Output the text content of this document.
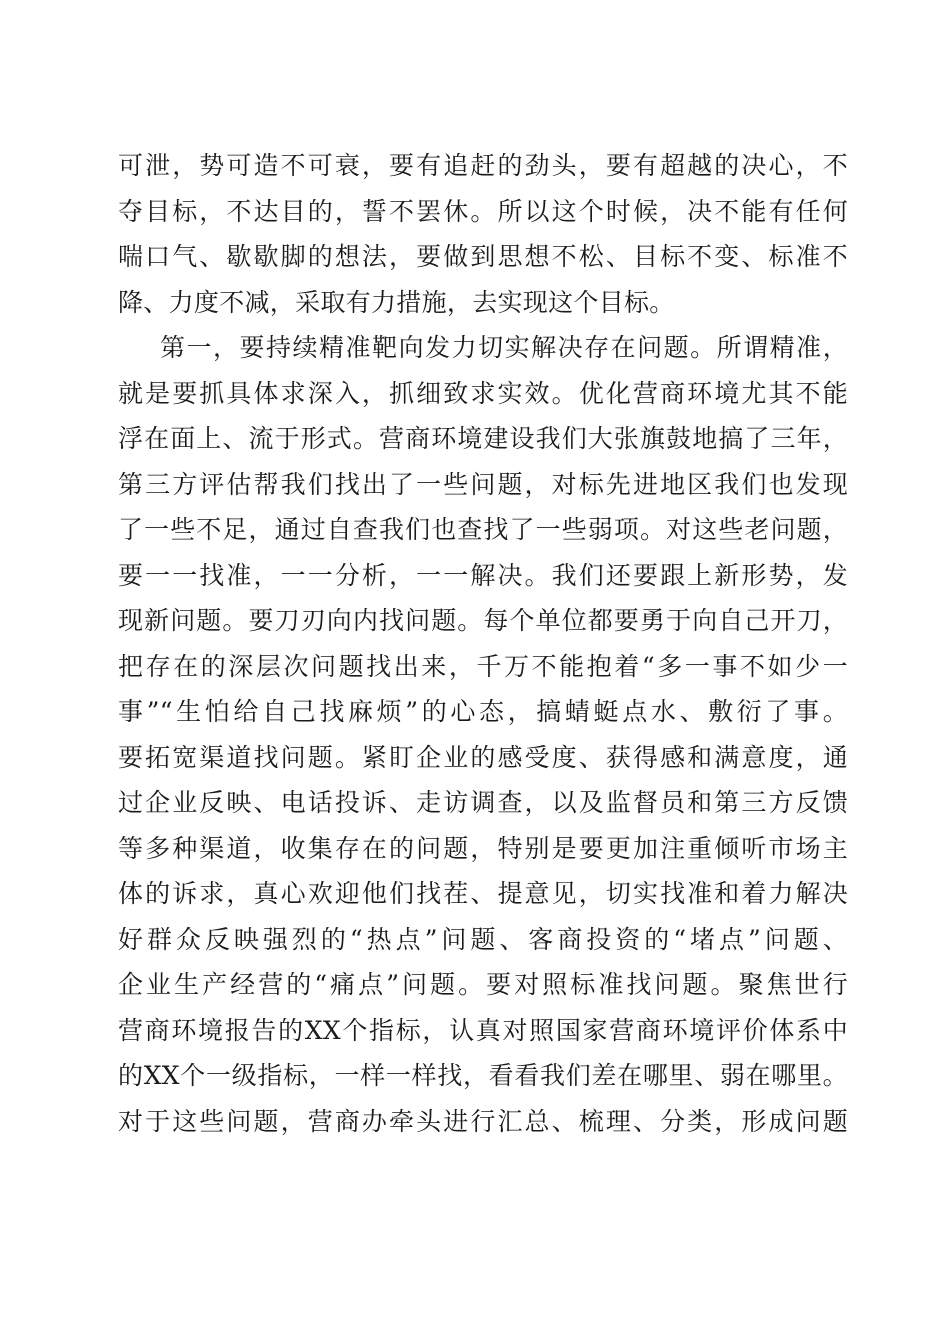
可泄，势可造不可衰，要有追赶的劲头，要有超越的决心，不
夺目标，不达目的，誓不罢休。所以这个时候，决不能有任何
喘口气、歇歇脚的想法，要做到思想不松、目标不变、标准不
降、力度不减，采取有力措施，去实现这个目标。
第一，要持续精准靶向发力切实解决存在问题。所谓精准，
就是要抓具体求深入，抓细致求实效。优化营商环境尤其不能
浮在面上、流于形式。营商环境建设我们大张旗鼓地搞了三年，
第三方评估帮我们找出了一些问题，对标先进地区我们也发现
了一些不足，通过自查我们也查找了一些弱项。对这些老问题，
要一一找准，一一分析，一一解决。我们还要跟上新形势，发
现新问题。要刀刃向内找问题。每个单位都要勇于向自己开刀，
把存在的深层次问题找出来，千万不能抱着“多一事不如少一
事”“生怕给自己找麻烦”的心态，搞蜻蜓点水、敷衍了事。
要拓宽渠道找问题。紧盯企业的感受度、获得感和满意度，通
过企业反映、电话投诉、走访调查，以及监督员和第三方反馈
等多种渠道，收集存在的问题，特别是要更加注重倾听市场主
体的诉求，真心欢迎他们找茬、提意见，切实找准和着力解决
好群众反映强烈的“热点”问题、客商投资的“堵点”问题、
企业生产经营的“痛点”问题。要对照标准找问题。聚焦世行
营商环境报告的XX个指标，认真对照国家营商环境评价体系中
的XX个一级指标，一样一样找，看看我们差在哪里、弱在哪里。
对于这些问题，营商办牵头进行汇总、梳理、分类，形成问题
